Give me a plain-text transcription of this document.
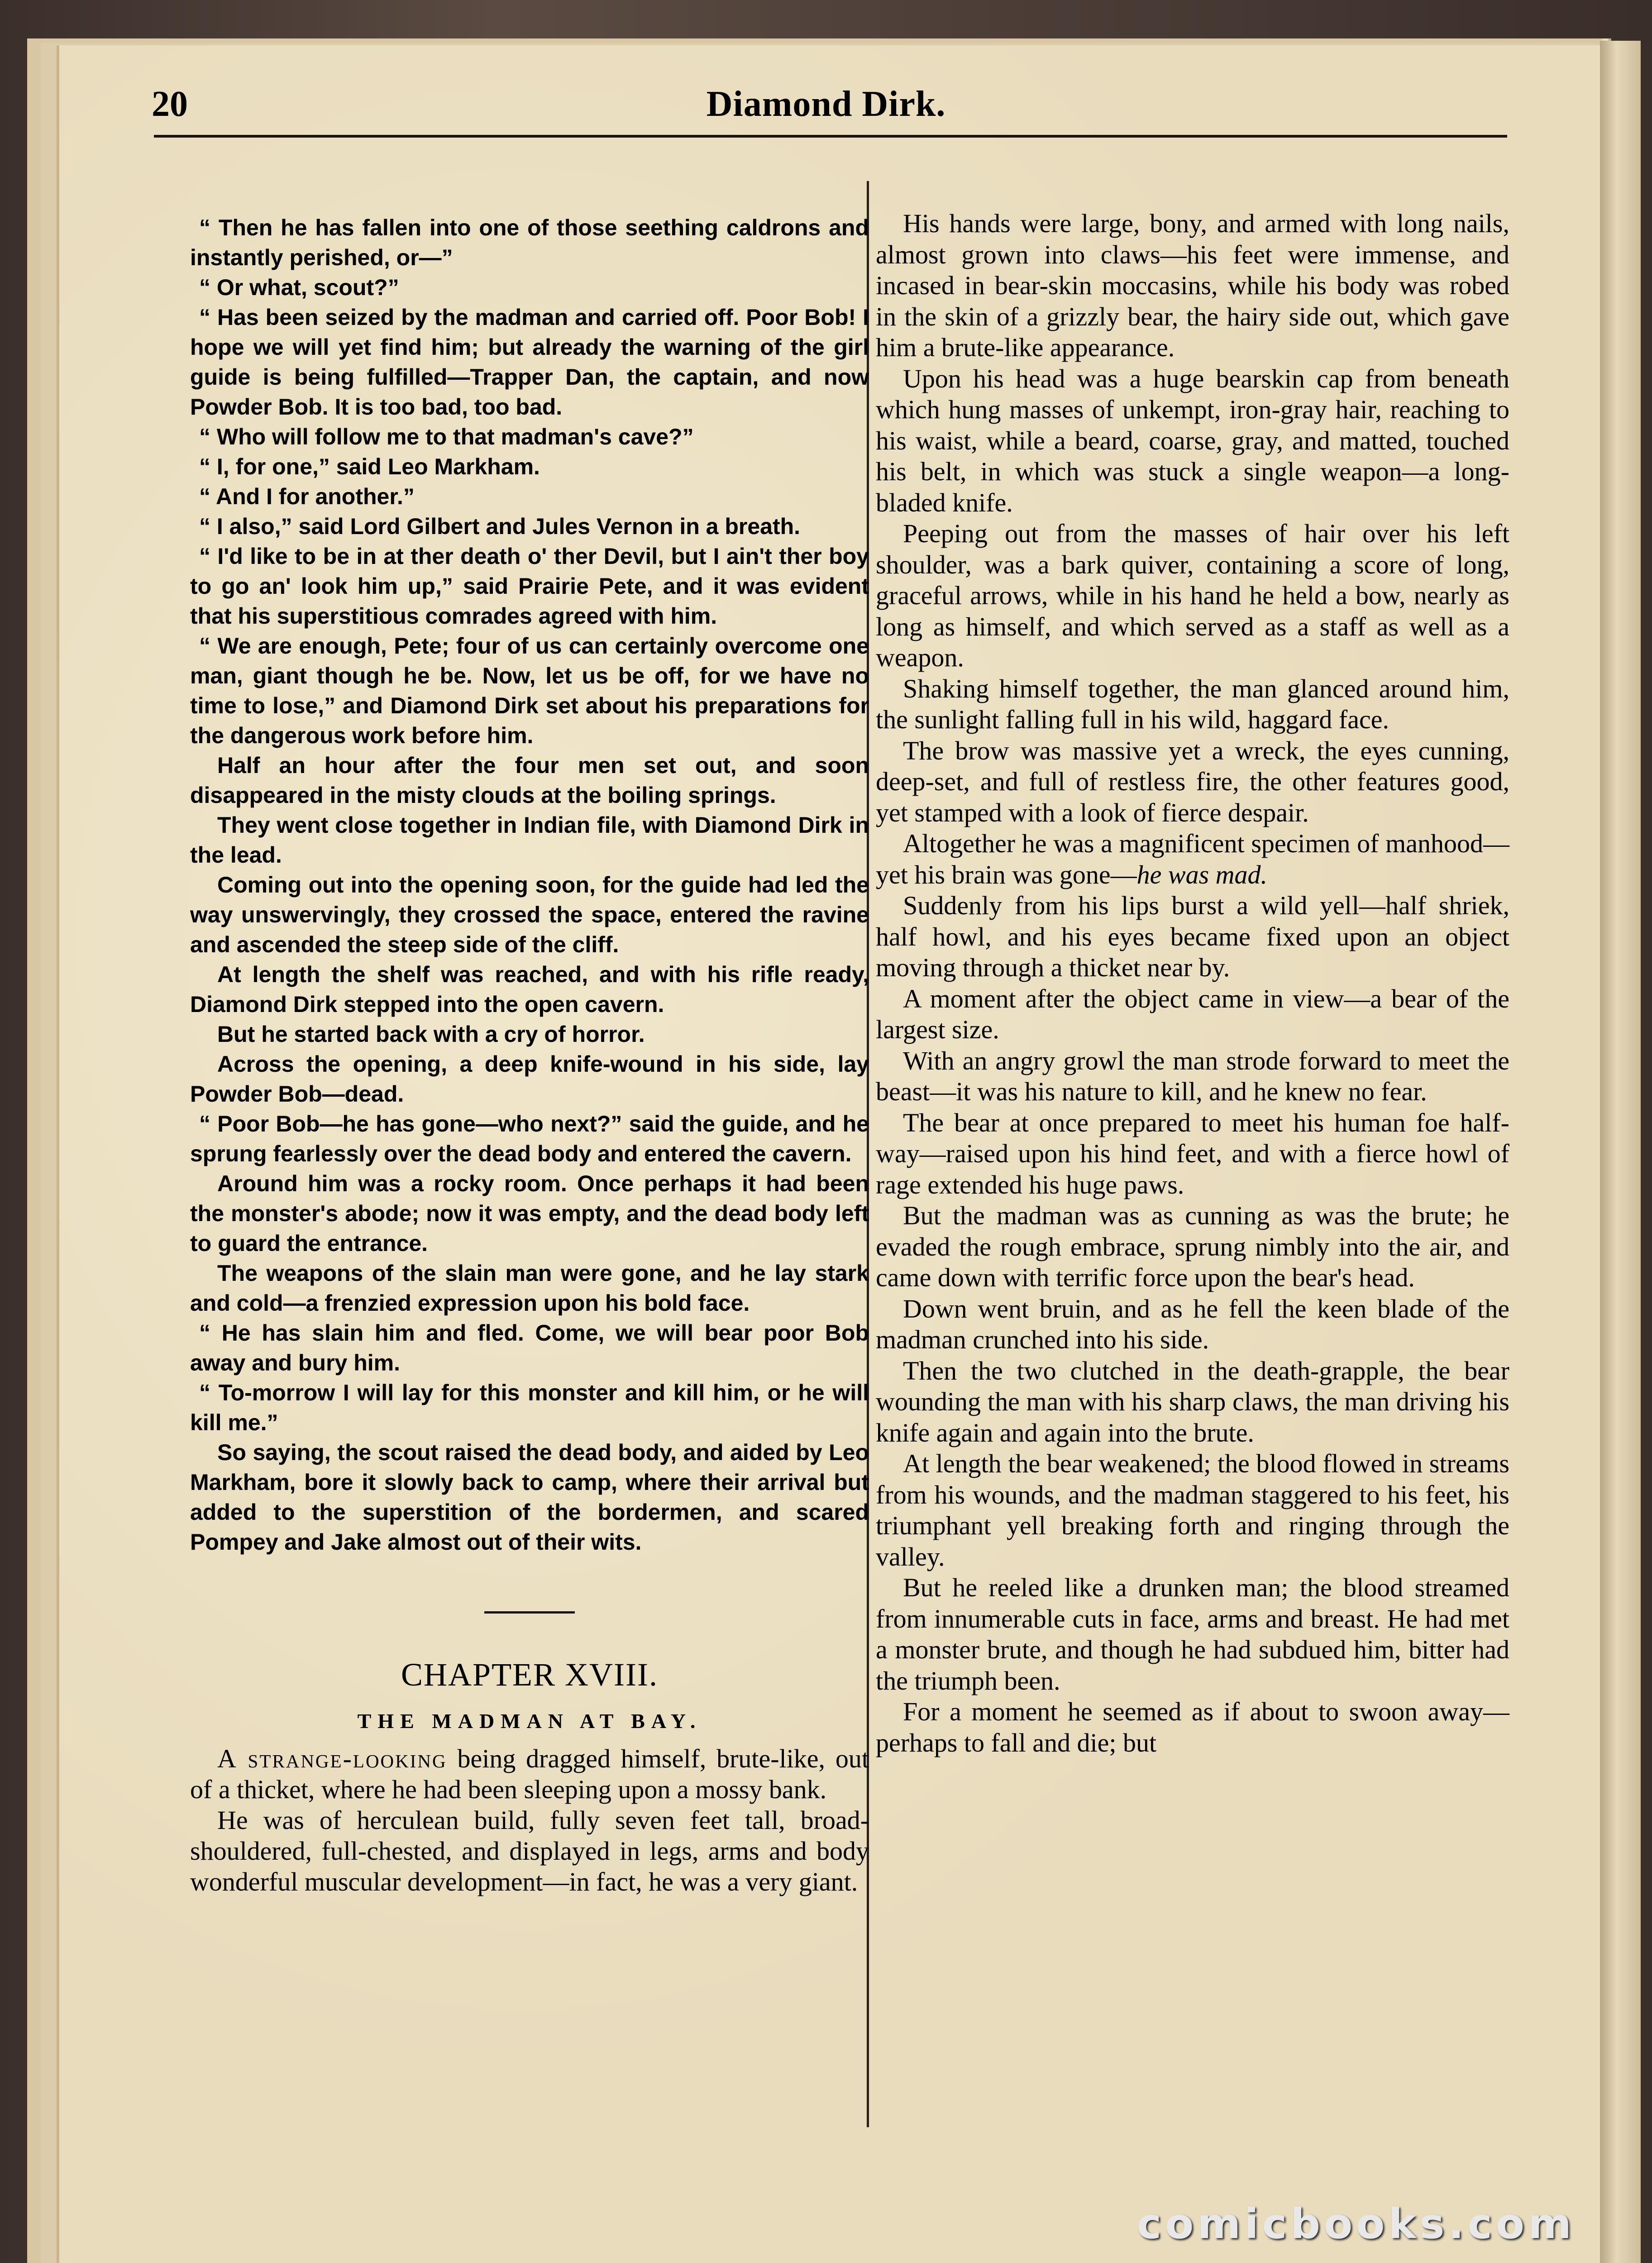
20	Diamond Dirk.

“ Then he has fallen into one of those seething caldrons and instantly perished, or—”

“ Or what, scout?”

“ Has been seized by the madman and carried off. Poor Bob! I hope we will yet find him; but already the warning of the girl guide is being fulfilled—Trapper Dan, the captain, and now Powder Bob. It is too bad, too bad.

“ Who will follow me to that madman's cave?”

“ I, for one,” said Leo Markham.

“ And I for another.”

“ I also,” said Lord Gilbert and Jules Vernon in a breath.

“ I'd like to be in at ther death o' ther Devil, but I ain't ther boy to go an' look him up,” said Prairie Pete, and it was evident that his superstitious comrades agreed with him.

“ We are enough, Pete; four of us can certainly overcome one man, giant though he be. Now, let us be off, for we have no time to lose,” and Diamond Dirk set about his preparations for the dangerous work before him.

Half an hour after the four men set out, and soon disappeared in the misty clouds at the boiling springs.

They went close together in Indian file, with Diamond Dirk in the lead.

Coming out into the opening soon, for the guide had led the way unswervingly, they crossed the space, entered the ravine and ascended the steep side of the cliff.

At length the shelf was reached, and with his rifle ready, Diamond Dirk stepped into the open cavern.

But he started back with a cry of horror.

Across the opening, a deep knife-wound in his side, lay Powder Bob—dead.

“ Poor Bob—he has gone—who next?” said the guide, and he sprung fearlessly over the dead body and entered the cavern.

Around him was a rocky room. Once perhaps it had been the monster's abode; now it was empty, and the dead body left to guard the entrance.

The weapons of the slain man were gone, and he lay stark and cold—a frenzied expression upon his bold face.

“ He has slain him and fled. Come, we will bear poor Bob away and bury him.

“ To-morrow I will lay for this monster and kill him, or he will kill me.”

So saying, the scout raised the dead body, and aided by Leo Markham, bore it slowly back to camp, where their arrival but added to the superstition of the bordermen, and scared Pompey and Jake almost out of their wits.

CHAPTER XVIII.
THE MADMAN AT BAY.

A strange-looking being dragged himself, brute-like, out of a thicket, where he had been sleeping upon a mossy bank.

He was of herculean build, fully seven feet tall, broad-shouldered, full-chested, and displayed in legs, arms and body wonderful muscular development—in fact, he was a very giant.

His hands were large, bony, and armed with long nails, almost grown into claws—his feet were immense, and incased in bear-skin moccasins, while his body was robed in the skin of a grizzly bear, the hairy side out, which gave him a brute-like appearance.

Upon his head was a huge bearskin cap from beneath which hung masses of unkempt, iron-gray hair, reaching to his waist, while a beard, coarse, gray, and matted, touched his belt, in which was stuck a single weapon—a long-bladed knife.

Peeping out from the masses of hair over his left shoulder, was a bark quiver, containing a score of long, graceful arrows, while in his hand he held a bow, nearly as long as himself, and which served as a staff as well as a weapon.

Shaking himself together, the man glanced around him, the sunlight falling full in his wild, haggard face.

The brow was massive yet a wreck, the eyes cunning, deep-set, and full of restless fire, the other features good, yet stamped with a look of fierce despair.

Altogether he was a magnificent specimen of manhood—yet his brain was gone—he was mad.

Suddenly from his lips burst a wild yell—half shriek, half howl, and his eyes became fixed upon an object moving through a thicket near by.

A moment after the object came in view—a bear of the largest size.

With an angry growl the man strode forward to meet the beast—it was his nature to kill, and he knew no fear.

The bear at once prepared to meet his human foe half-way—raised upon his hind feet, and with a fierce howl of rage extended his huge paws.

But the madman was as cunning as was the brute; he evaded the rough embrace, sprung nimbly into the air, and came down with terrific force upon the bear's head.

Down went bruin, and as he fell the keen blade of the madman crunched into his side.

Then the two clutched in the death-grapple, the bear wounding the man with his sharp claws, the man driving his knife again and again into the brute.

At length the bear weakened; the blood flowed in streams from his wounds, and the madman staggered to his feet, his triumphant yell breaking forth and ringing through the valley.

But he reeled like a drunken man; the blood streamed from innumerable cuts in face, arms and breast. He had met a monster brute, and though he had subdued him, bitter had the triumph been.

For a moment he seemed as if about to swoon away—perhaps to fall and die; but

comicbooks.com
